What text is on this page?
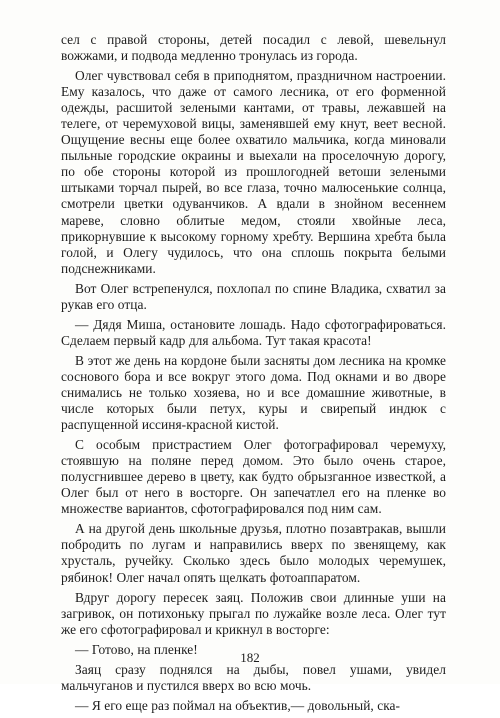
сел с правой стороны, детей посадил с левой, шевельнул вожжами, и подвода медленно тронулась из города.

Олег чувствовал себя в приподнятом, праздничном настроении. Ему казалось, что даже от самого лесника, от его форменной одежды, расшитой зелеными кантами, от травы, лежавшей на телеге, от черемуховой вицы, заменявшей ему кнут, веет весной. Ощущение весны еще более охватило мальчика, когда миновали пыльные городские окраины и выехали на проселочную дорогу, по обе стороны которой из прошлогодней ветоши зелеными штыками торчал пырей, во все глаза, точно малюсенькие солнца, смотрели цветки одуванчиков. А вдали в знойном весеннем мареве, словно облитые медом, стояли хвойные леса, прикорнувшие к высокому горному хребту. Вершина хребта была голой, и Олегу чудилось, что она сплошь покрыта белыми подснежниками.

Вот Олег встрепенулся, похлопал по спине Владика, схватил за рукав его отца.

— Дядя Миша, остановите лошадь. Надо сфотографироваться. Сделаем первый кадр для альбома. Тут такая красота!

В этот же день на кордоне были засняты дом лесника на кромке соснового бора и все вокруг этого дома. Под окнами и во дворе снимались не только хозяева, но и все домашние животные, в числе которых были петух, куры и свирепый индюк с распущенной иссиня-красной кистой.

С особым пристрастием Олег фотографировал черемуху, стоявшую на поляне перед домом. Это было очень старое, полусгнившее дерево в цвету, как будто обрызганное известкой, а Олег был от него в восторге. Он запечатлел его на пленке во множестве вариантов, сфотографировался под ним сам.

А на другой день школьные друзья, плотно позавтракав, вышли побродить по лугам и направились вверх по звенящему, как хрусталь, ручейку. Сколько здесь было молодых черемушек, рябинок! Олег начал опять щелкать фотоаппаратом.

Вдруг дорогу пересек заяц. Положив свои длинные уши на загривок, он потихоньку прыгал по лужайке возле леса. Олег тут же его сфотографировал и крикнул в восторге:

— Готово, на пленке!

Заяц сразу поднялся на дыбы, повел ушами, увидел мальчуганов и пустился вверх во всю мочь.

— Я его еще раз поймал на объектив,— довольный, ска-

182
